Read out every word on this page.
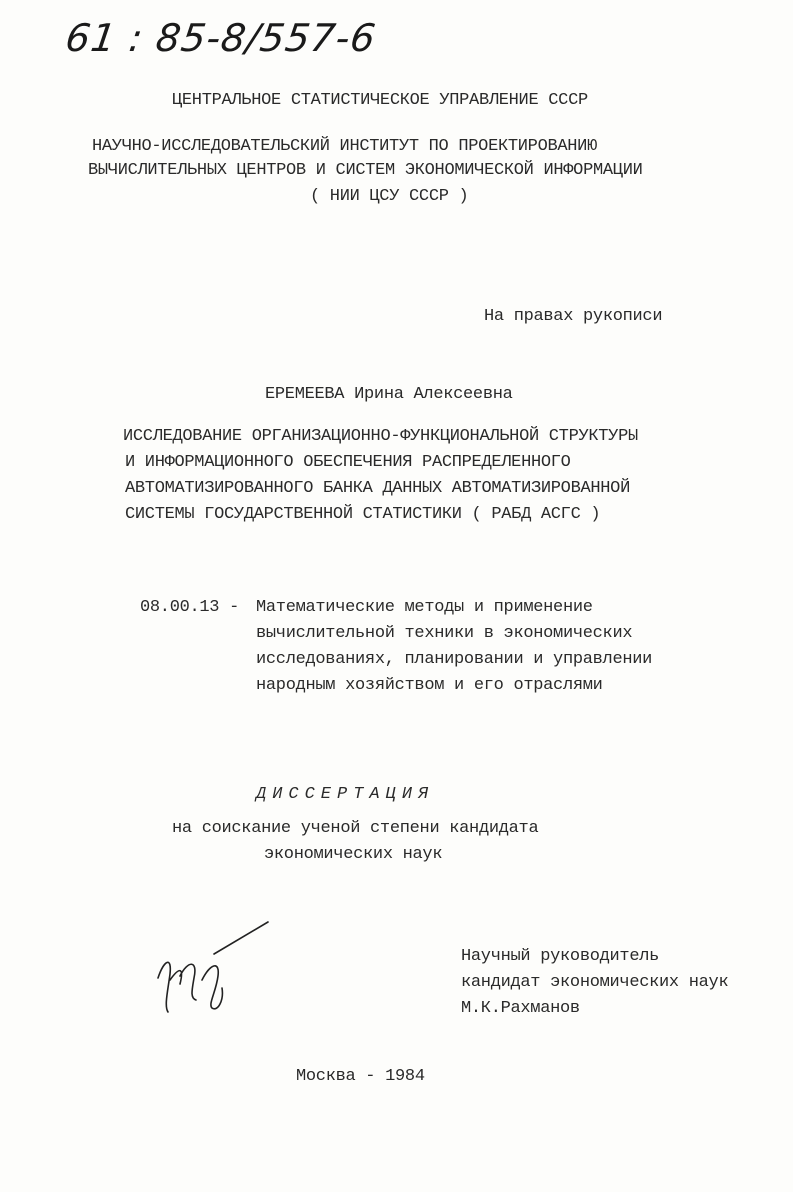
61 : 85-8/557-6
ЦЕНТРАЛЬНОЕ СТАТИСТИЧЕСКОЕ УПРАВЛЕНИЕ СССР
НАУЧНО-ИССЛЕДОВАТЕЛЬСКИЙ ИНСТИТУТ ПО ПРОЕКТИРОВАНИЮ
ВЫЧИСЛИТЕЛЬНЫХ ЦЕНТРОВ И СИСТЕМ ЭКОНОМИЧЕСКОЙ ИНФОРМАЦИИ
( НИИ ЦСУ СССР )
На правах рукописи
ЕРЕМЕЕВА Ирина Алексеевна
ИССЛЕДОВАНИЕ ОРГАНИЗАЦИОННО-ФУНКЦИОНАЛЬНОЙ СТРУКТУРЫ
И ИНФОРМАЦИОННОГО ОБЕСПЕЧЕНИЯ РАСПРЕДЕЛЕННОГО
АВТОМАТИЗИРОВАННОГО БАНКА ДАННЫХ АВТОМАТИЗИРОВАННОЙ
СИСТЕМЫ ГОСУДАРСТВЕННОЙ СТАТИСТИКИ ( РАБД АСГС )
08.00.13 - Математические методы и применение
вычислительной техники в экономических
исследованиях, планировании и управлении
народным хозяйством и его отраслями
ДИССЕРТАЦИЯ
на соискание ученой степени кандидата
экономических наук
Научный руководитель
кандидат экономических наук
М.К.Рахманов
Москва - 1984
